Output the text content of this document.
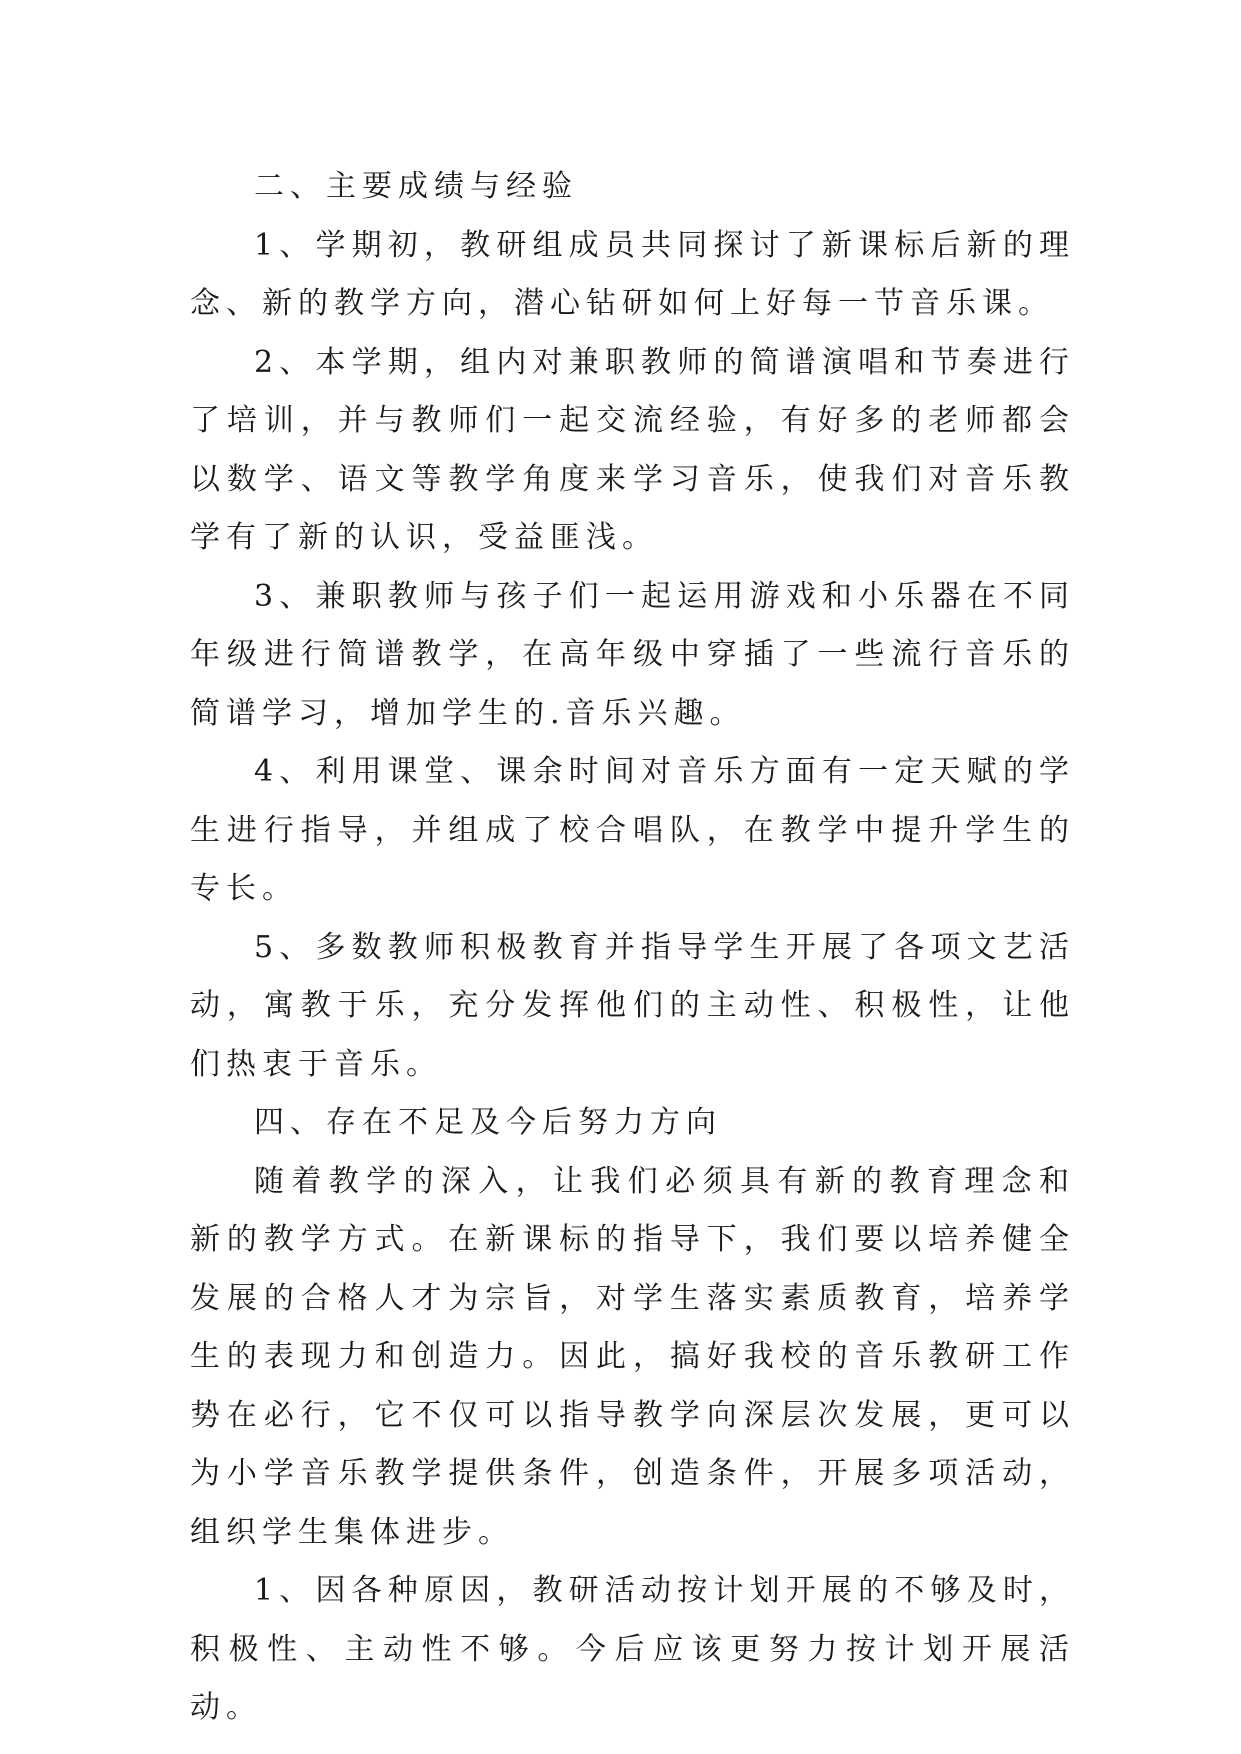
二、主要成绩与经验

1、学期初，教研组成员共同探讨了新课标后新的理念、新的教学方向，潜心钻研如何上好每一节音乐课。

2、本学期，组内对兼职教师的简谱演唱和节奏进行了培训，并与教师们一起交流经验，有好多的老师都会以数学、语文等教学角度来学习音乐，使我们对音乐教学有了新的认识，受益匪浅。

3、兼职教师与孩子们一起运用游戏和小乐器在不同年级进行简谱教学，在高年级中穿插了一些流行音乐的简谱学习，增加学生的.音乐兴趣。

4、利用课堂、课余时间对音乐方面有一定天赋的学生进行指导，并组成了校合唱队，在教学中提升学生的专长。

5、多数教师积极教育并指导学生开展了各项文艺活动，寓教于乐，充分发挥他们的主动性、积极性，让他们热衷于音乐。

四、存在不足及今后努力方向

随着教学的深入，让我们必须具有新的教育理念和新的教学方式。在新课标的指导下，我们要以培养健全发展的合格人才为宗旨，对学生落实素质教育，培养学生的表现力和创造力。因此，搞好我校的音乐教研工作势在必行，它不仅可以指导教学向深层次发展，更可以为小学音乐教学提供条件，创造条件，开展多项活动，组织学生集体进步。

1、因各种原因，教研活动按计划开展的不够及时，积极性、主动性不够。今后应该更努力按计划开展活动。
